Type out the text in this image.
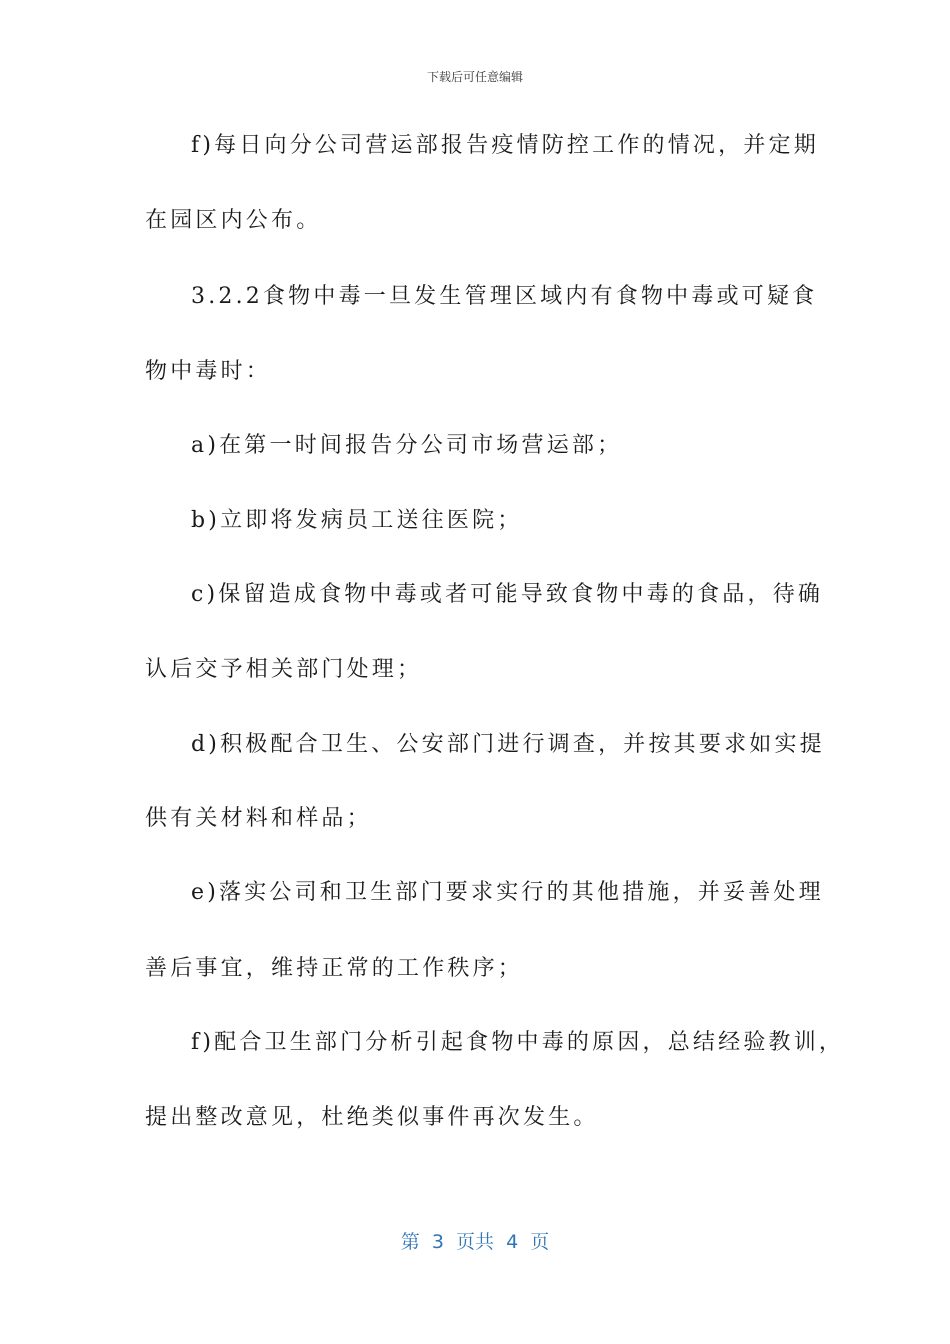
下载后可任意编辑
f)每日向分公司营运部报告疫情防控工作的情况，并定期
在园区内公布。
3.2.2食物中毒一旦发生管理区域内有食物中毒或可疑食
物中毒时：
a)在第一时间报告分公司市场营运部；
b)立即将发病员工送往医院；
c)保留造成食物中毒或者可能导致食物中毒的食品，待确
认后交予相关部门处理；
d)积极配合卫生、公安部门进行调查，并按其要求如实提
供有关材料和样品；
e)落实公司和卫生部门要求实行的其他措施，并妥善处理
善后事宜，维持正常的工作秩序；
f)配合卫生部门分析引起食物中毒的原因，总结经验教训，
提出整改意见，杜绝类似事件再次发生。
第  3  页共  4  页
